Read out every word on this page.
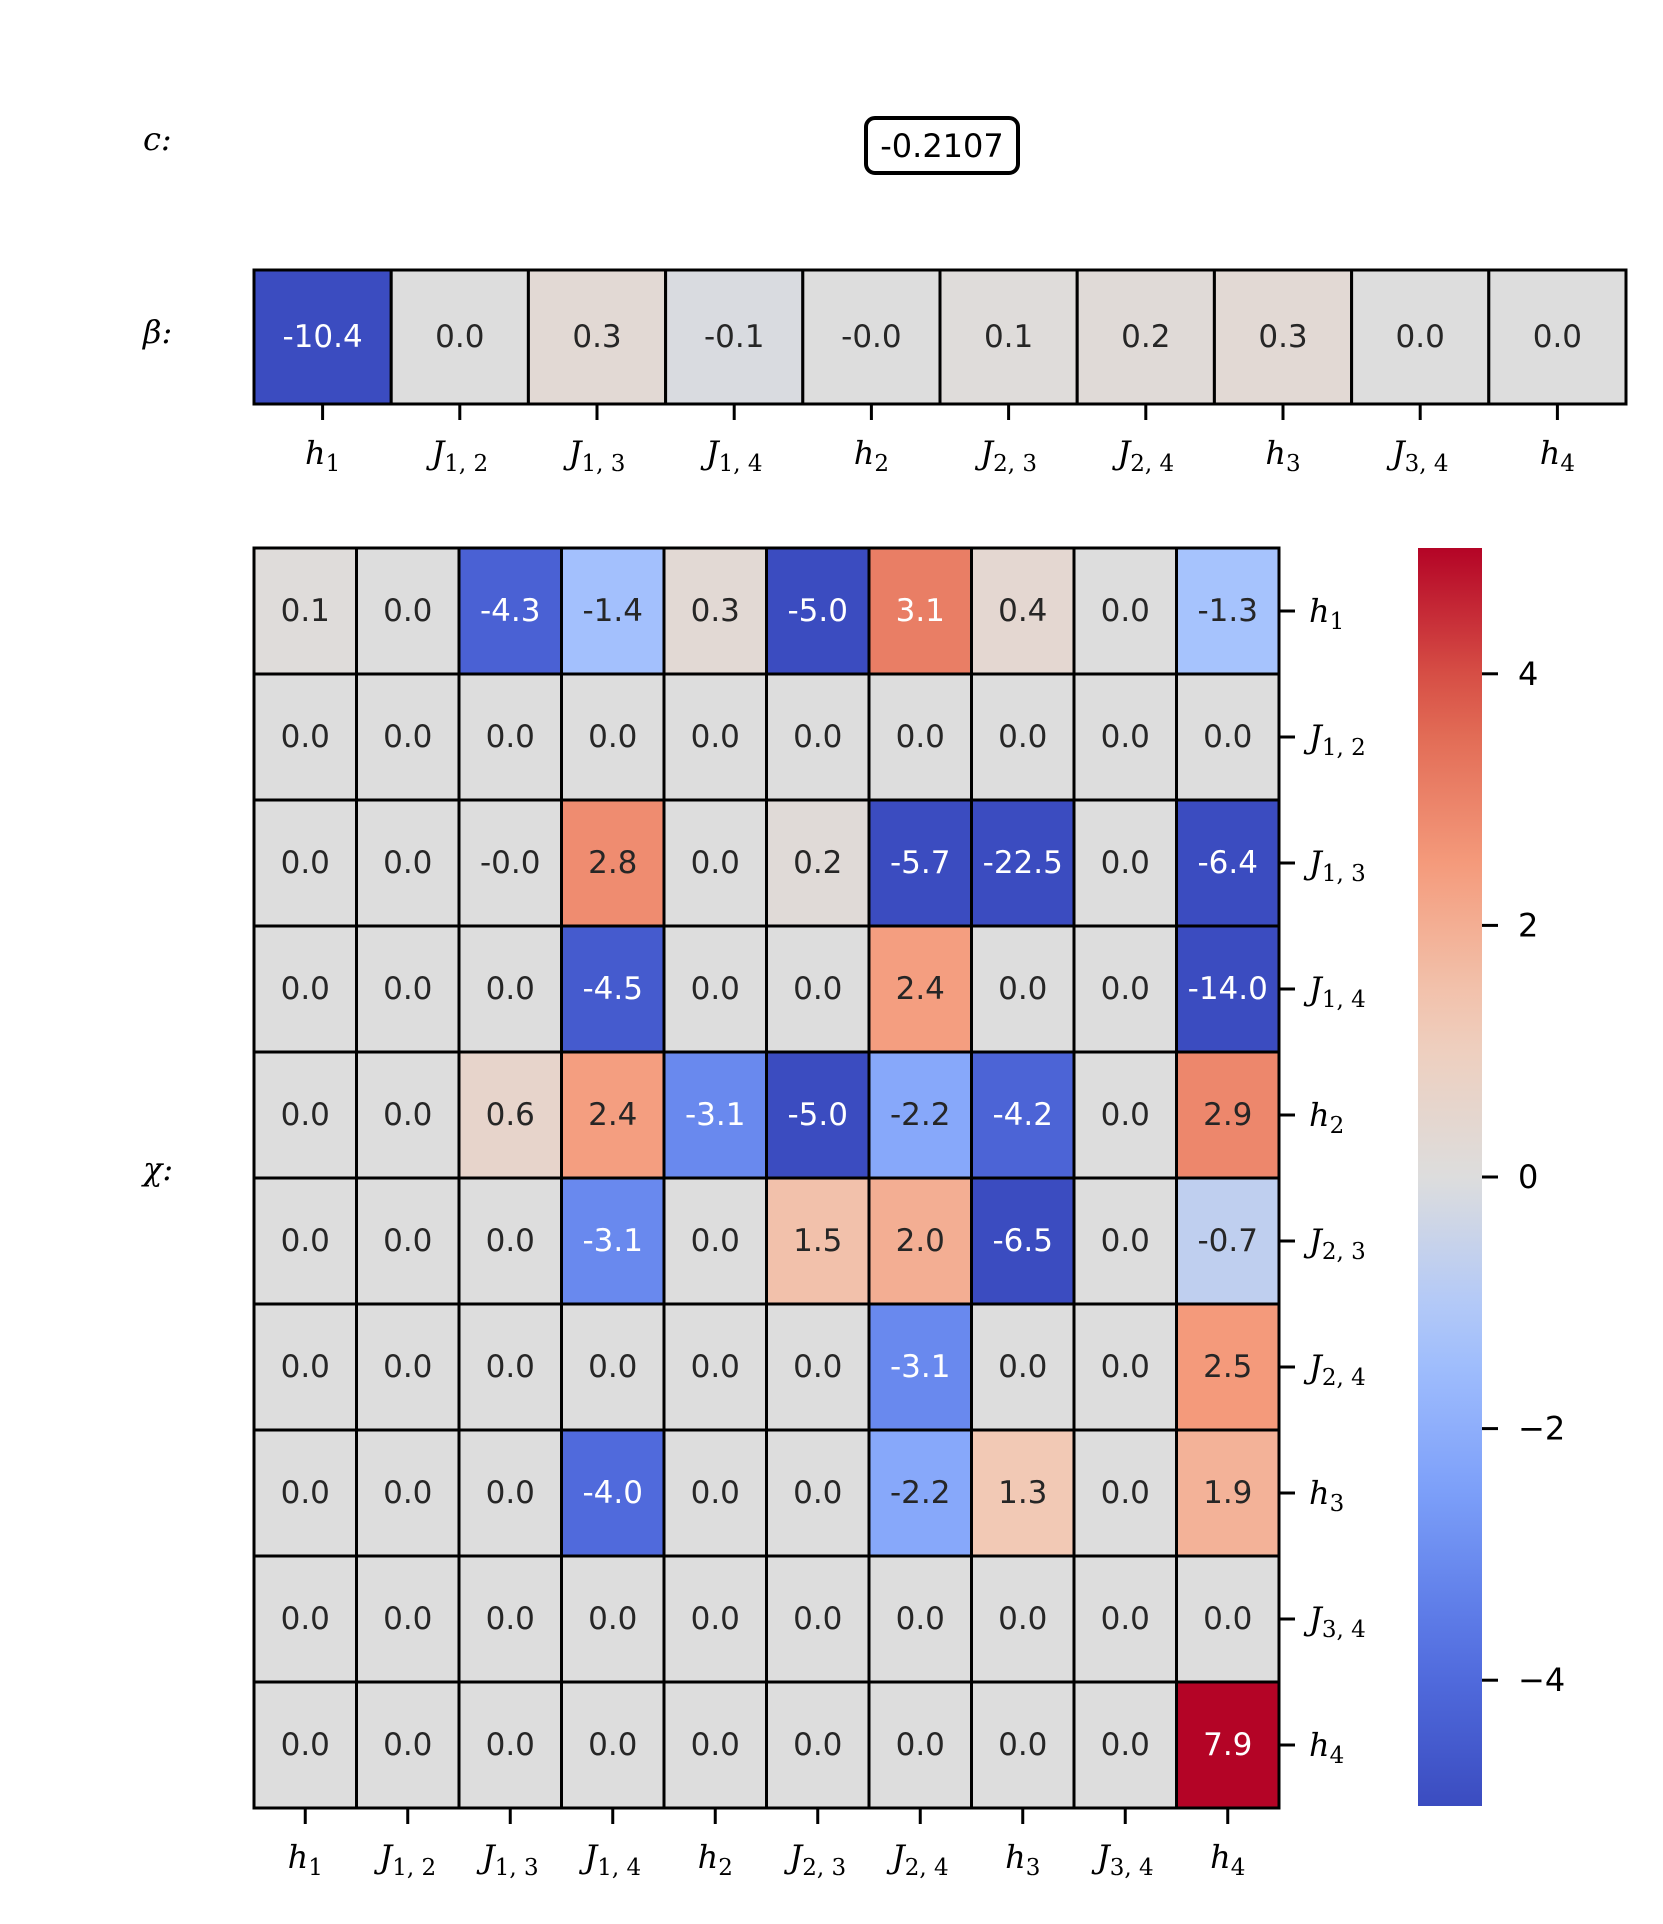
c:
β:
χ:
-0.2107
-10.4 0.0	0.3	-0.1 -0.0	0.1	0.2	0.3	0.0	0.0
$h_1$	$J_{1, 2}$	$J_{1, 3}$	$J_{1, 4}$	$h_2$	$J_{2, 3}$	$J_{2, 4}$	$h_3$	$J_{3, 4}$	$h_4$
0.1 0.0 -4.3 -1.4 0.3 -5.0 3.1 0.4 0.0 -1.3
0.0 0.0 0.0 0.0 0.0 0.0 0.0 0.0 0.0 0.0
0.0 0.0 -0.0 2.8 0.0 0.2 -5.7 -22.5 0.0 -6.4
0.0 0.0 0.0 -4.5 0.0 0.0 2.4 0.0 0.0 -14.0
0.0 0.0 0.6 2.4 -3.1 -5.0 -2.2 -4.2 0.0 2.9
0.0 0.0 0.0 -3.1 0.0 1.5 2.0 -6.5 0.0 -0.7
0.0 0.0 0.0 0.0 0.0 0.0 -3.1 0.0 0.0 2.5
0.0 0.0 0.0 -4.0 0.0 0.0 -2.2 1.3 0.0 1.9
0.0 0.0 0.0 0.0 0.0 0.0 0.0 0.0 0.0 0.0
0.0 0.0 0.0 0.0 0.0 0.0 0.0 0.0 0.0 7.9
$h_1$ $J_{1, 2}$ $J_{1, 3}$ $J_{1, 4}$ $h_2$ $J_{2, 3}$ $J_{2, 4}$ $h_3$ $J_{3, 4}$ $h_4$
$h_1$
$J_{1, 2}$
$J_{1, 3}$
$J_{1, 4}$
$h_2$
$J_{2, 3}$
$J_{2, 4}$
$h_3$
$J_{3, 4}$
$h_4$
4
2
0
−2
−4
